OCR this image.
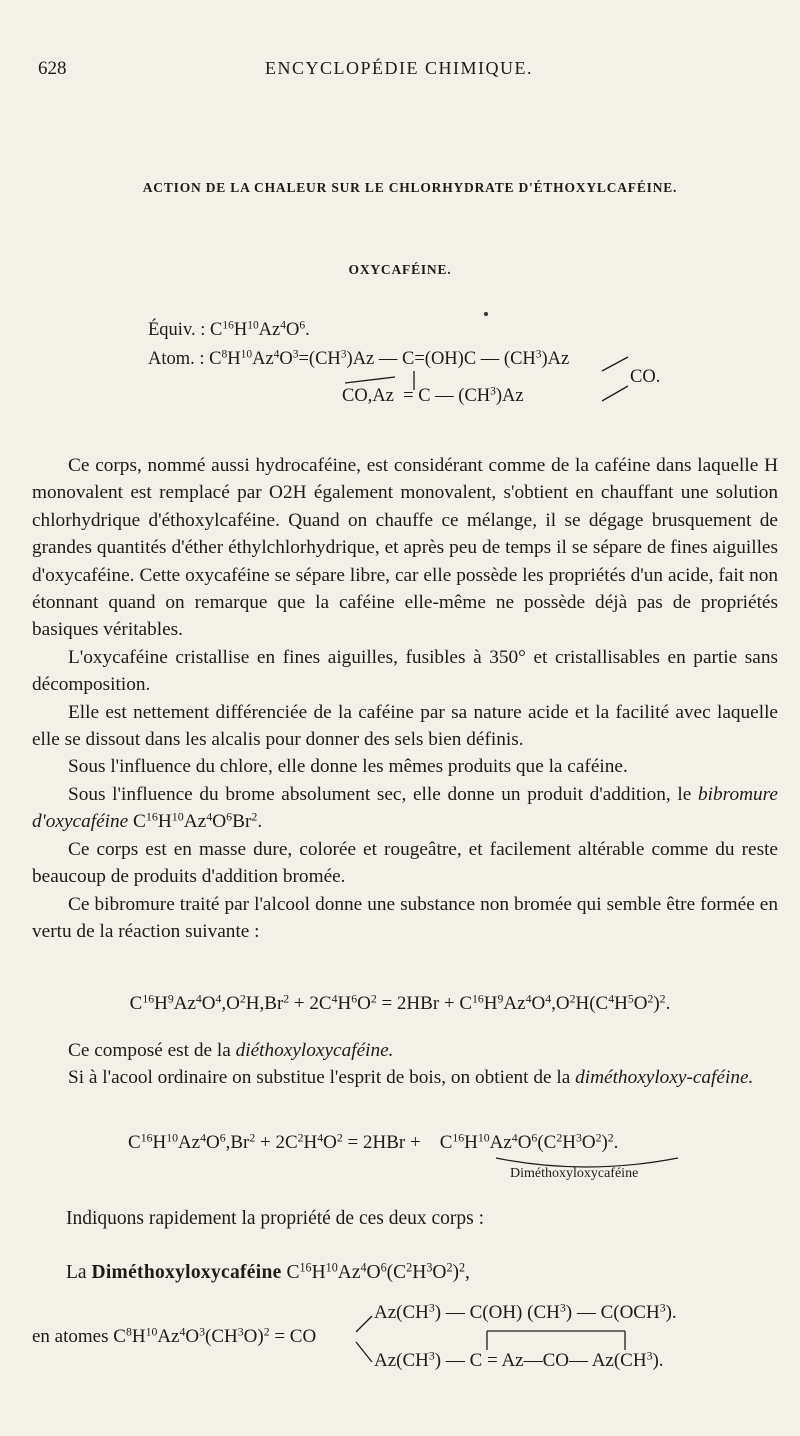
628	ENCYCLOPÉDIE CHIMIQUE.
ACTION DE LA CHALEUR SUR LE CHLORHYDRATE D'ÉTHOXYLCAFÉINE.
OXYCAFÉINE.
Équiv. : $C^{16}H^{10}Az^4O^6$.
Atom. : $C^8H^{10}Az^4O^3=(CH^3)Az$ — C=(OH)C — $(CH^3)Az$
CO,Az  = C — $(CH^3)Az$
CO.

Ce corps, nommé aussi hydrocaféine, est considérant comme de la caféine dans laquelle H monovalent est remplacé par O2H également monovalent, s'obtient en chauffant une solution chlorhydrique d'éthoxylcaféine. Quand on chauffe ce mélange, il se dégage brusquement de grandes quantités d'éther éthylchlorhydrique, et après peu de temps il se sépare de fines aiguilles d'oxycaféine. Cette oxycaféine se sépare libre, car elle possède les propriétés d'un acide, fait non étonnant quand on remarque que la caféine elle-même ne possède déjà pas de propriétés basiques véritables.

L'oxycaféine cristallise en fines aiguilles, fusibles à 350° et cristallisables en partie sans décomposition.

Elle est nettement différenciée de la caféine par sa nature acide et la facilité avec laquelle elle se dissout dans les alcalis pour donner des sels bien définis.

Sous l'influence du chlore, elle donne les mêmes produits que la caféine.

Sous l'influence du brome absolument sec, elle donne un produit d'addition, le bibromure d'oxycaféine $C^{16}H^{10}Az^4O^6Br^2$.

Ce corps est en masse dure, colorée et rougeâtre, et facilement altérable comme du reste beaucoup de produits d'addition bromée.

Ce bibromure traité par l'alcool donne une substance non bromée qui semble être formée en vertu de la réaction suivante :

$C^{16}H^9Az^4O^4,O^2H,Br^2 + 2C^4H^6O^2 = 2HBr + C^{16}H^9Az^4O^4,O^2H(C^4H^5O^2)^2$.

Ce composé est de la diéthoxyloxycaféine.

Si à l'acool ordinaire on substitue l'esprit de bois, on obtient de la diméthoxyloxy-caféine.

$C^{16}H^{10}Az^4O^6,Br^2 + 2C^2H^4O^2 = 2HBr$ +    $C^{16}H^{10}Az^4O^6(C^2H^3O^2)^2$.
Diméthoxyloxycaféine
Indiquons rapidement la propriété de ces deux corps :
La Diméthoxyloxycaféine $C^{16}H^{10}Az^4O^6(C^2H^3O^2)^2$,
en atomes $C^8H^{10}Az^4O^3(CH^3O)^2$ = CO
$Az(CH^3)$ — C(OH) $(CH^3)$ — C(OCH$^3$).
$Az(CH^3)$ — C = Az—CO— $Az(CH^3)$.
